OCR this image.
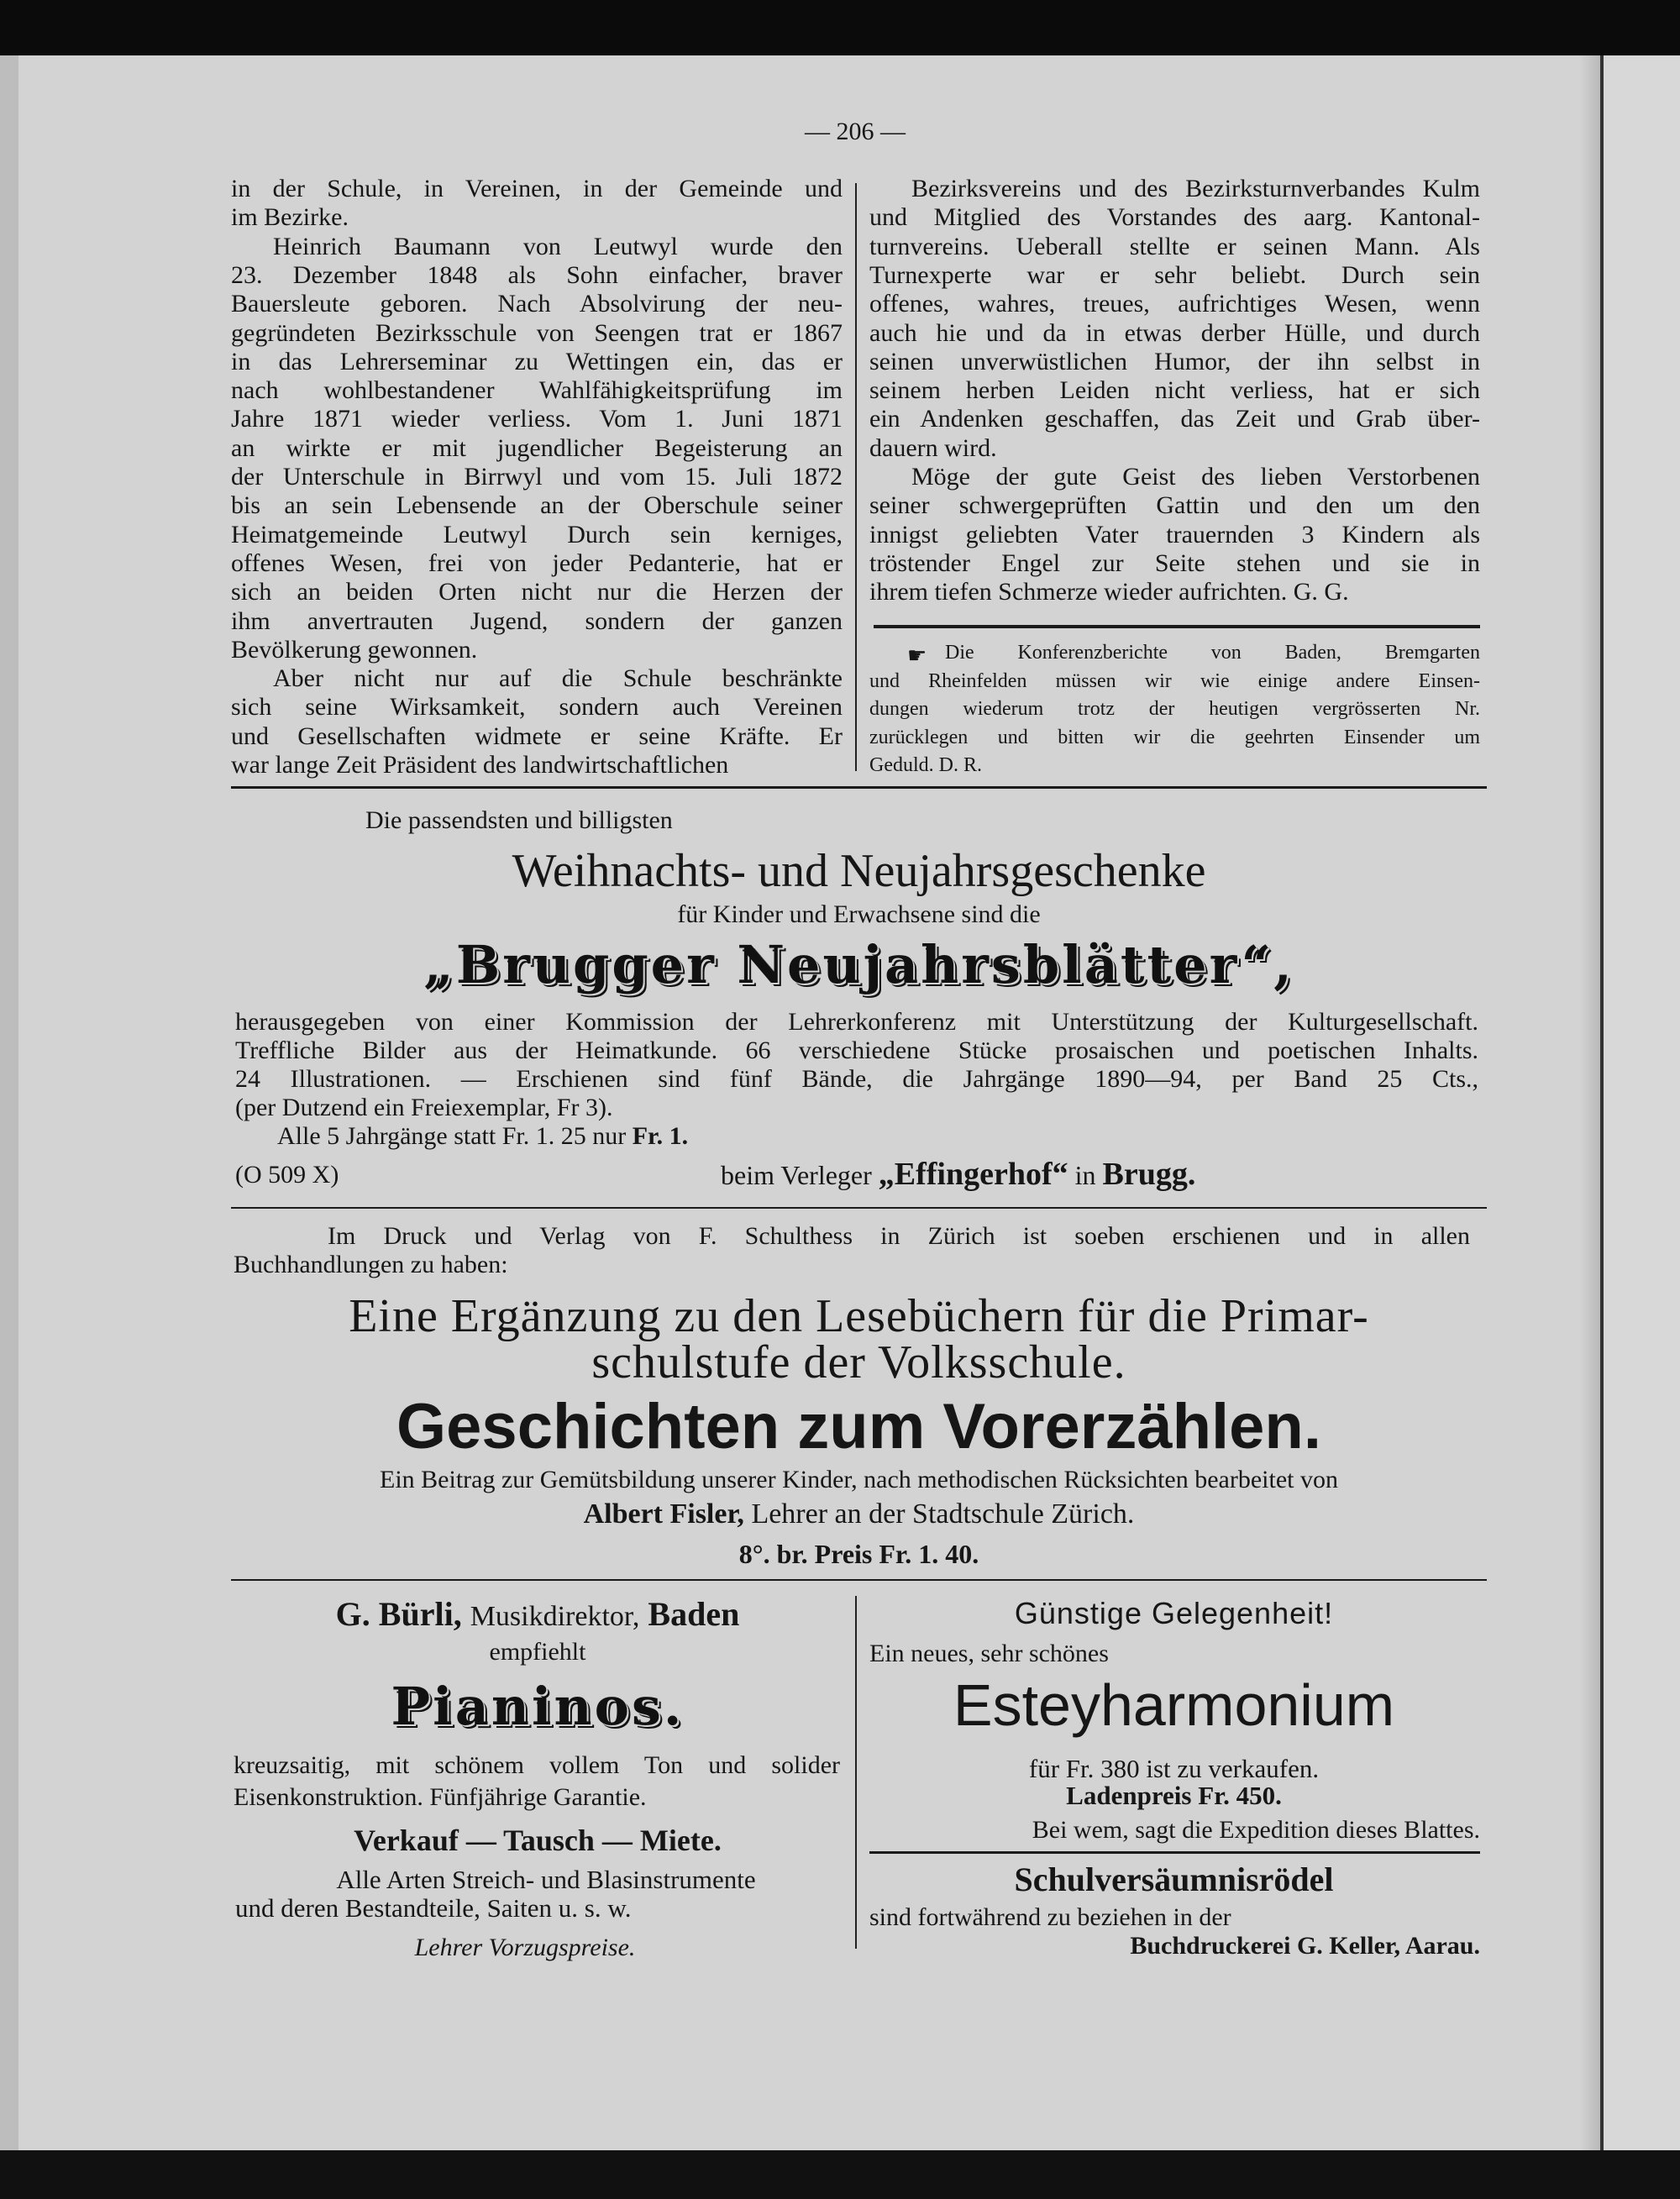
— 206 —
in der Schule, in Vereinen, in der Gemeinde und
im Bezirke.
Heinrich Baumann von Leutwyl wurde den
23. Dezember 1848 als Sohn einfacher, braver
Bauersleute geboren. Nach Absolvirung der neu-
gegründeten Bezirksschule von Seengen trat er 1867
in das Lehrerseminar zu Wettingen ein, das er
nach wohlbestandener Wahlfähigkeitsprüfung im
Jahre 1871 wieder verliess. Vom 1. Juni 1871
an wirkte er mit jugendlicher Begeisterung an
der Unterschule in Birrwyl und vom 15. Juli 1872
bis an sein Lebensende an der Oberschule seiner
Heimatgemeinde Leutwyl Durch sein kerniges,
offenes Wesen, frei von jeder Pedanterie, hat er
sich an beiden Orten nicht nur die Herzen der
ihm anvertrauten Jugend, sondern der ganzen
Bevölkerung gewonnen.
Aber nicht nur auf die Schule beschränkte
sich seine Wirksamkeit, sondern auch Vereinen
und Gesellschaften widmete er seine Kräfte. Er
war lange Zeit Präsident des landwirtschaftlichen
Bezirksvereins und des Bezirksturnverbandes Kulm
und Mitglied des Vorstandes des aarg. Kantonal-
turnvereins. Ueberall stellte er seinen Mann. Als
Turnexperte war er sehr beliebt. Durch sein
offenes, wahres, treues, aufrichtiges Wesen, wenn
auch hie und da in etwas derber Hülle, und durch
seinen unverwüstlichen Humor, der ihn selbst in
seinem herben Leiden nicht verliess, hat er sich
ein Andenken geschaffen, das Zeit und Grab über-
dauern wird.
Möge der gute Geist des lieben Verstorbenen
seiner schwergeprüften Gattin und den um den
innigst geliebten Vater trauernden 3 Kindern als
tröstender Engel zur Seite stehen und sie in
ihrem tiefen Schmerze wieder aufrichten. G. G.
☛ Die Konferenzberichte von Baden, Bremgarten
und Rheinfelden müssen wir wie einige andere Einsen-
dungen wiederum trotz der heutigen vergrösserten Nr.
zurücklegen und bitten wir die geehrten Einsender um
Geduld. D. R.
Die passendsten und billigsten
Weihnachts- und Neujahrsgeschenke
für Kinder und Erwachsene sind die
„Brugger Neujahrsblätter“,
herausgegeben von einer Kommission der Lehrerkonferenz mit Unterstützung der Kulturgesellschaft.
Treffliche Bilder aus der Heimatkunde. 66 verschiedene Stücke prosaischen und poetischen Inhalts.
24 Illustrationen. — Erschienen sind fünf Bände, die Jahrgänge 1890—94, per Band 25 Cts.,
(per Dutzend ein Freiexemplar, Fr 3).
Alle 5 Jahrgänge statt Fr. 1. 25 nur Fr. 1.
(O 509 X)	beim Verleger „Effingerhof“ in Brugg.
Im Druck und Verlag von F. Schulthess in Zürich ist soeben erschienen und in allen
Buchhandlungen zu haben:
Eine Ergänzung zu den Lesebüchern für die Primar-
schulstufe der Volksschule.
Geschichten zum Vorerzählen.
Ein Beitrag zur Gemütsbildung unserer Kinder, nach methodischen Rücksichten bearbeitet von
Albert Fisler, Lehrer an der Stadtschule Zürich.
8°. br. Preis Fr. 1. 40.
G. Bürli, Musikdirektor, Baden
empfiehlt
Pianinos.
kreuzsaitig, mit schönem vollem Ton und solider
Eisenkonstruktion. Fünfjährige Garantie.
Verkauf — Tausch — Miete.
Alle Arten Streich- und Blasinstrumente
und deren Bestandteile, Saiten u. s. w.
Lehrer Vorzugspreise.
Günstige Gelegenheit!
Ein neues, sehr schönes
Esteyharmonium
für Fr. 380 ist zu verkaufen.
Ladenpreis Fr. 450.
Bei wem, sagt die Expedition dieses Blattes.
Schulversäumnisrödel
sind fortwährend zu beziehen in der
Buchdruckerei G. Keller, Aarau.
